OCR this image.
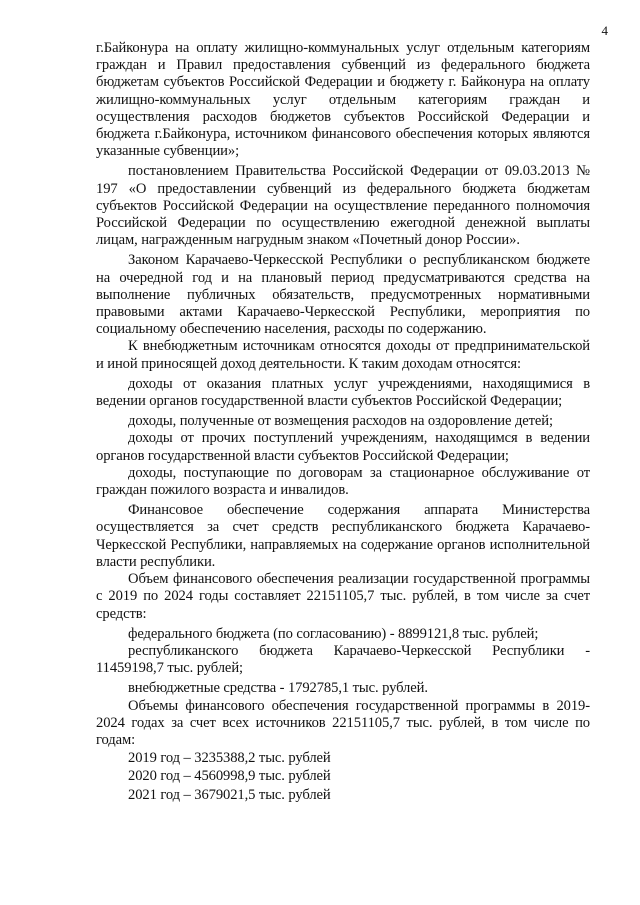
4

г.Байконура на оплату жилищно-коммунальных услуг отдельным категориям граждан и Правил предоставления субвенций из федерального бюджета бюджетам субъектов Российской Федерации и бюджету г. Байконура на оплату жилищно-коммунальных услуг отдельным категориям граждан и осуществления расходов бюджетов субъектов Российской Федерации и бюджета г.Байконура, источником финансового обеспечения которых являются указанные субвенции»;

постановлением Правительства Российской Федерации от 09.03.2013 № 197 «О предоставлении субвенций из федерального бюджета бюджетам субъектов Российской Федерации на осуществление переданного полномочия Российской Федерации по осуществлению ежегодной денежной выплаты лицам, награжденным нагрудным знаком «Почетный донор России».

Законом Карачаево-Черкесской Республики о республиканском бюджете на очередной год и на плановый период предусматриваются средства на выполнение публичных обязательств, предусмотренных нормативными правовыми актами Карачаево-Черкесской Республики, мероприятия по социальному обеспечению населения, расходы по содержанию.

К внебюджетным источникам относятся доходы от предпринимательской и иной приносящей доход деятельности. К таким доходам относятся:

доходы от оказания платных услуг учреждениями, находящимися в ведении органов государственной власти субъектов Российской Федерации;

доходы, полученные от возмещения расходов на оздоровление детей;

доходы от прочих поступлений учреждениям, находящимся в ведении органов государственной власти субъектов Российской Федерации;

доходы, поступающие по договорам за стационарное обслуживание от граждан пожилого возраста и инвалидов.

Финансовое обеспечение содержания аппарата Министерства осуществляется за счет средств республиканского бюджета Карачаево-Черкесской Республики, направляемых на содержание органов исполнительной власти республики.

Объем финансового обеспечения реализации государственной программы с 2019 по 2024 годы составляет 22151105,7 тыс. рублей, в том числе за счет средств:

федерального бюджета (по согласованию) - 8899121,8 тыс. рублей;

республиканского бюджета Карачаево-Черкесской Республики - 11459198,7 тыс. рублей;

внебюджетные средства - 1792785,1 тыс. рублей.

Объемы финансового обеспечения государственной программы в 2019-2024 годах за счет всех источников 22151105,7 тыс. рублей, в том числе по годам:

2019 год – 3235388,2 тыс. рублей

2020 год – 4560998,9 тыс. рублей

2021 год – 3679021,5 тыс. рублей
